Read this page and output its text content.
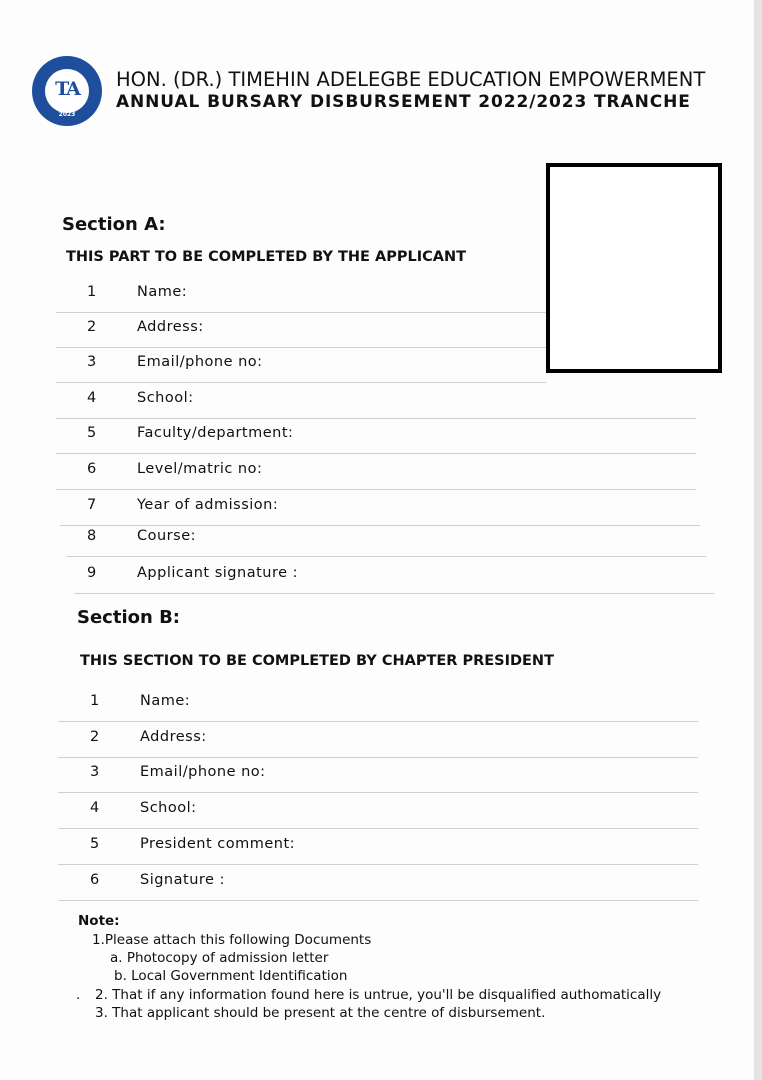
TA
2023
HON. (DR.) TIMEHIN ADELEGBE EDUCATION EMPOWERMENT
ANNUAL BURSARY DISBURSEMENT 2022/2023 TRANCHE
Section A:
THIS PART TO BE COMPLETED BY THE APPLICANT
1	Name:
2	Address:
3	Email/phone no:
4	School:
5	Faculty/department:
6	Level/matric no:
7	Year of admission:
8	Course:
9	Applicant signature :
Section B:
THIS SECTION TO BE COMPLETED BY CHAPTER PRESIDENT
1	Name:
2	Address:
3	Email/phone no:
4	School:
5	President comment:
6	Signature :
Note:
1.Please attach this following Documents
a. Photocopy of admission letter
b. Local Government Identification
. 2. That if any information found here is untrue, you'll be disqualified authomatically
3. That applicant should be present at the centre of disbursement.
